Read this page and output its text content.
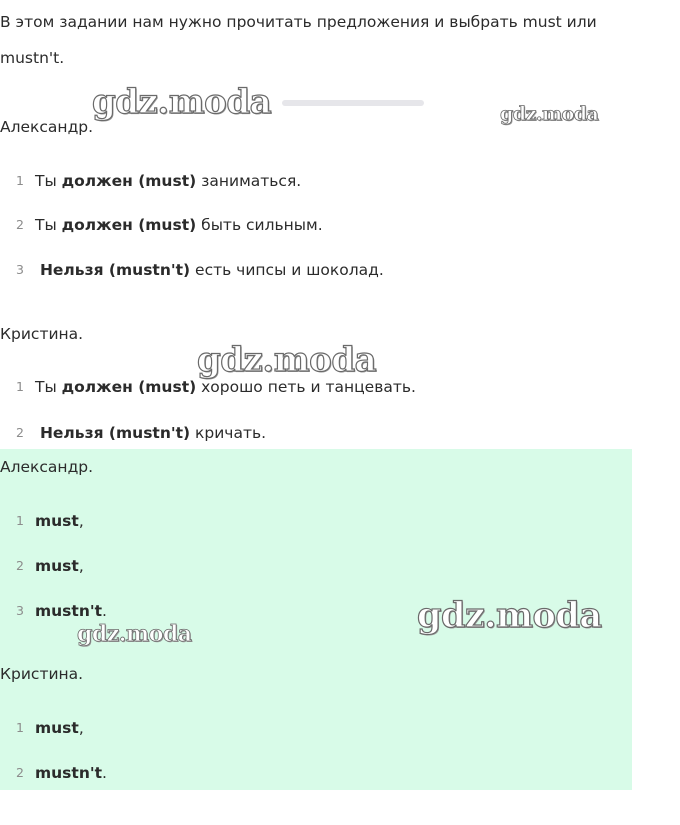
В этом задании нам нужно прочитать предложения и выбрать must или mustn't.

Александр.

1 Ты должен (must) заниматься.
2 Ты должен (must) быть сильным.
3	Нельзя (mustn't) есть чипсы и шоколад.

Кристина.

1 Ты должен (must) хорошо петь и танцевать.
2	Нельзя (mustn't) кричать.

Александр.

1 must,
2 must,
3 mustn't.

Кристина.

1 must,
2 mustn't.
gdz.moda	gdz.moda
gdz.moda
gdz.moda
gdz.moda
